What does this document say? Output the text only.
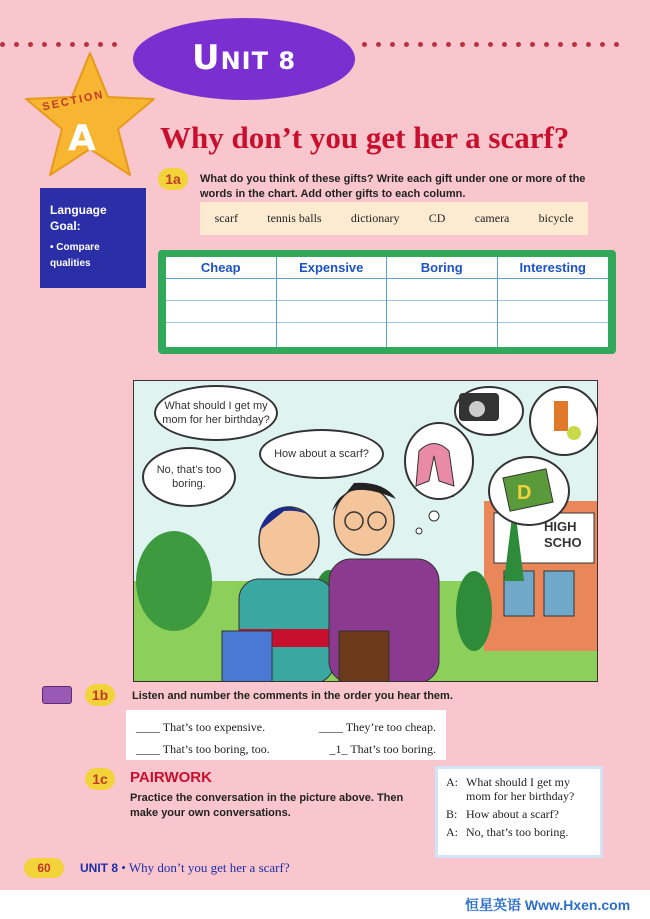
UNIT 8
SECTION
A Why don’t you get her a scarf?
Language Goal:
• Compare qualities
1a	What do you think of these gifts? Write each gift under one or more of the words in the chart. Add other gifts to each column.
scarf tennis balls dictionary CD camera bicycle
Cheap	Expensive	Boring	Interesting
D
What should I get my mom for her birthday?
How about a scarf?
No, that’s too boring.
HIGH SCHO
1b	Listen and number the comments in the order you hear them.
____ That’s too expensive.	____ They’re too cheap.
____ That’s too boring, too.	_1_ That’s too boring.
1c	PAIRWORK
Practice the conversation in the picture above. Then make your own conversations.
A: What should I get my mom for her birthday?
B: How about a scarf?
A: No, that’s too boring.
60	UNIT 8 • Why don’t you get her a scarf?
恒星英语 Www.Hxen.com
